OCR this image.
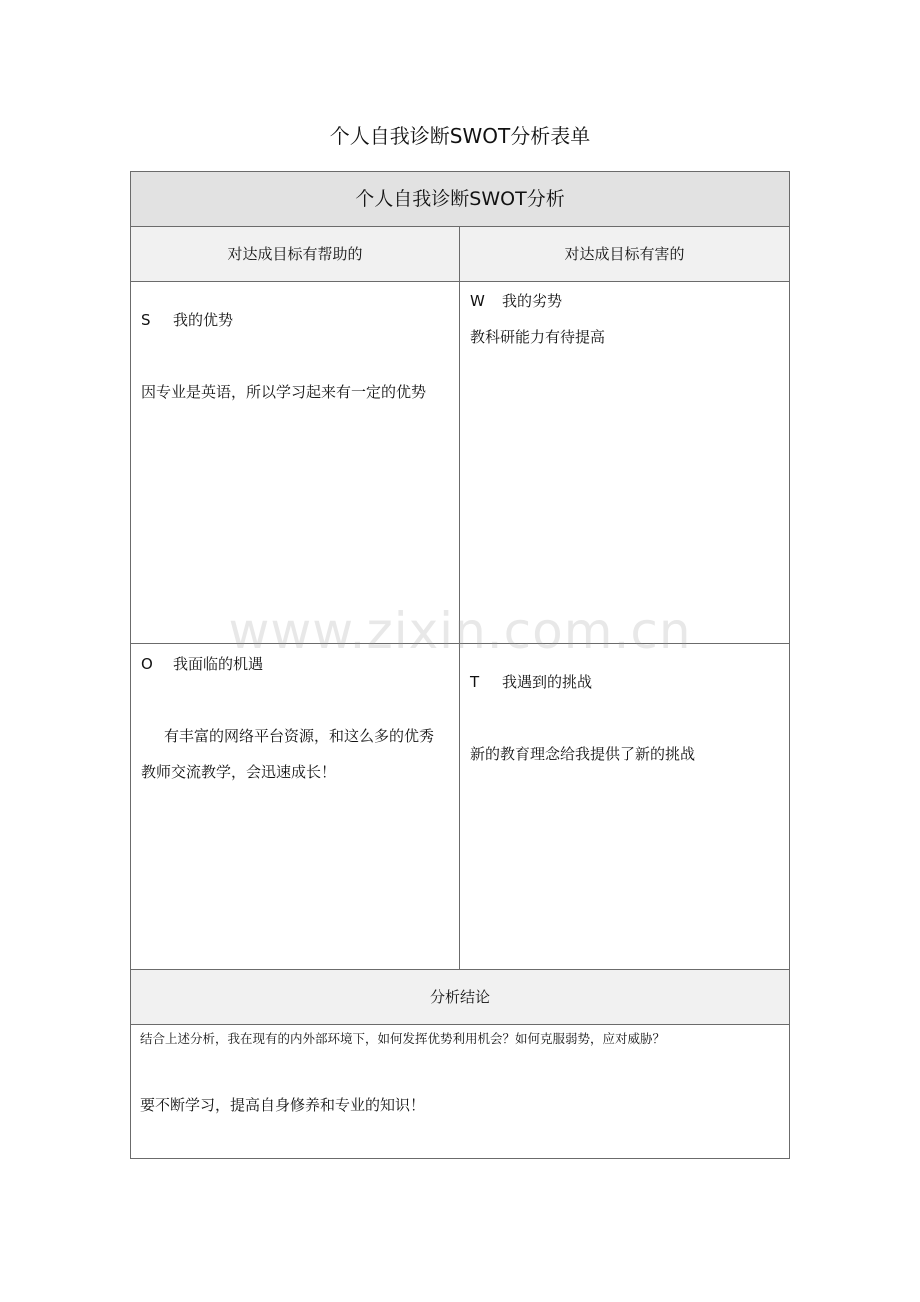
个人自我诊断SWOT分析表单
个人自我诊断SWOT分析
对达成目标有帮助的	对达成目标有害的
S 我的优势
因专业是英语，所以学习起来有一定的优势
W 我的劣势
教科研能力有待提高
O 我面临的机遇
有丰富的网络平台资源，和这么多的优秀
教师交流教学，会迅速成长！
T 我遇到的挑战
新的教育理念给我提供了新的挑战
分析结论
结合上述分析，我在现有的内外部环境下，如何发挥优势利用机会？如何克服弱势，应对威胁？
要不断学习，提高自身修养和专业的知识！
www.zixin.com.cn
